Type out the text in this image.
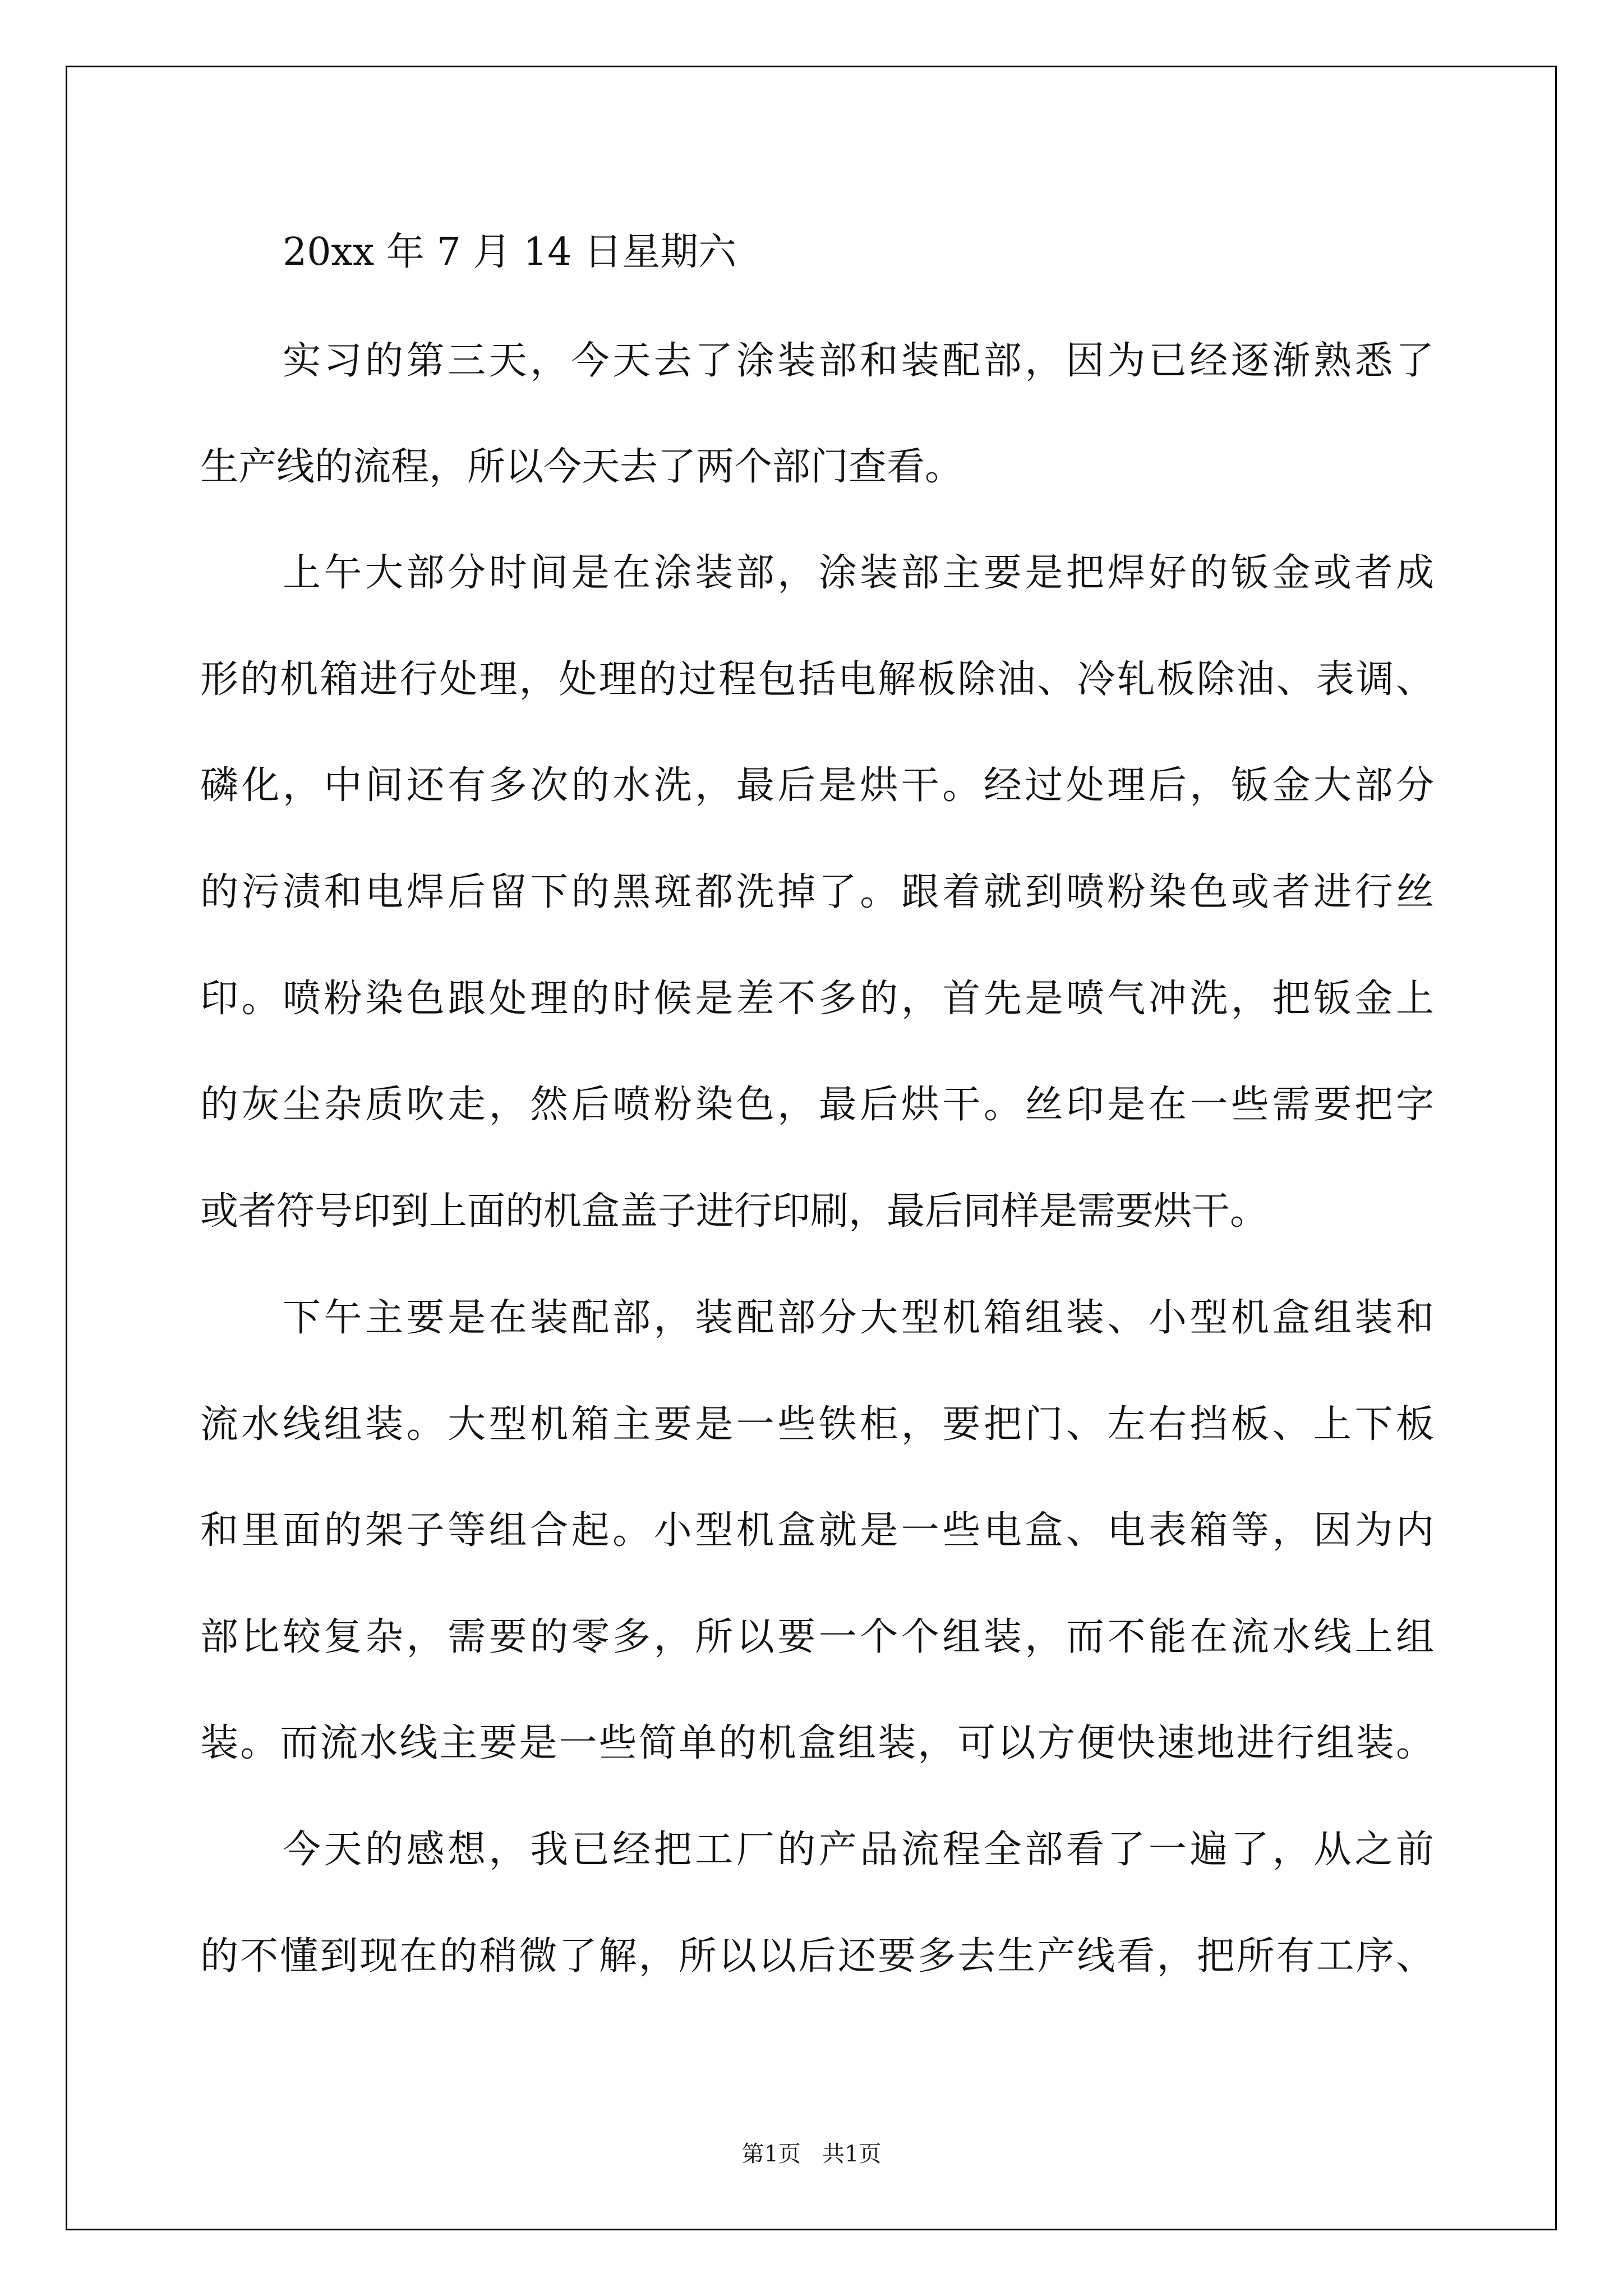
20xx 年 7 月 14 日星期六
实习的第三天，今天去了涂装部和装配部，因为已经逐渐熟悉了
生产线的流程，所以今天去了两个部门查看。
上午大部分时间是在涂装部，涂装部主要是把焊好的钣金或者成
形的机箱进行处理，处理的过程包括电解板除油、冷轧板除油、表调、
磷化，中间还有多次的水洗，最后是烘干。经过处理后，钣金大部分
的污渍和电焊后留下的黑斑都洗掉了。跟着就到喷粉染色或者进行丝
印。喷粉染色跟处理的时候是差不多的，首先是喷气冲洗，把钣金上
的灰尘杂质吹走，然后喷粉染色，最后烘干。丝印是在一些需要把字
或者符号印到上面的机盒盖子进行印刷，最后同样是需要烘干。
下午主要是在装配部，装配部分大型机箱组装、小型机盒组装和
流水线组装。大型机箱主要是一些铁柜，要把门、左右挡板、上下板
和里面的架子等组合起。小型机盒就是一些电盒、电表箱等，因为内
部比较复杂，需要的零多，所以要一个个组装，而不能在流水线上组
装。而流水线主要是一些简单的机盒组装，可以方便快速地进行组装。
今天的感想，我已经把工厂的产品流程全部看了一遍了，从之前
的不懂到现在的稍微了解，所以以后还要多去生产线看，把所有工序、
第1页   共1页
